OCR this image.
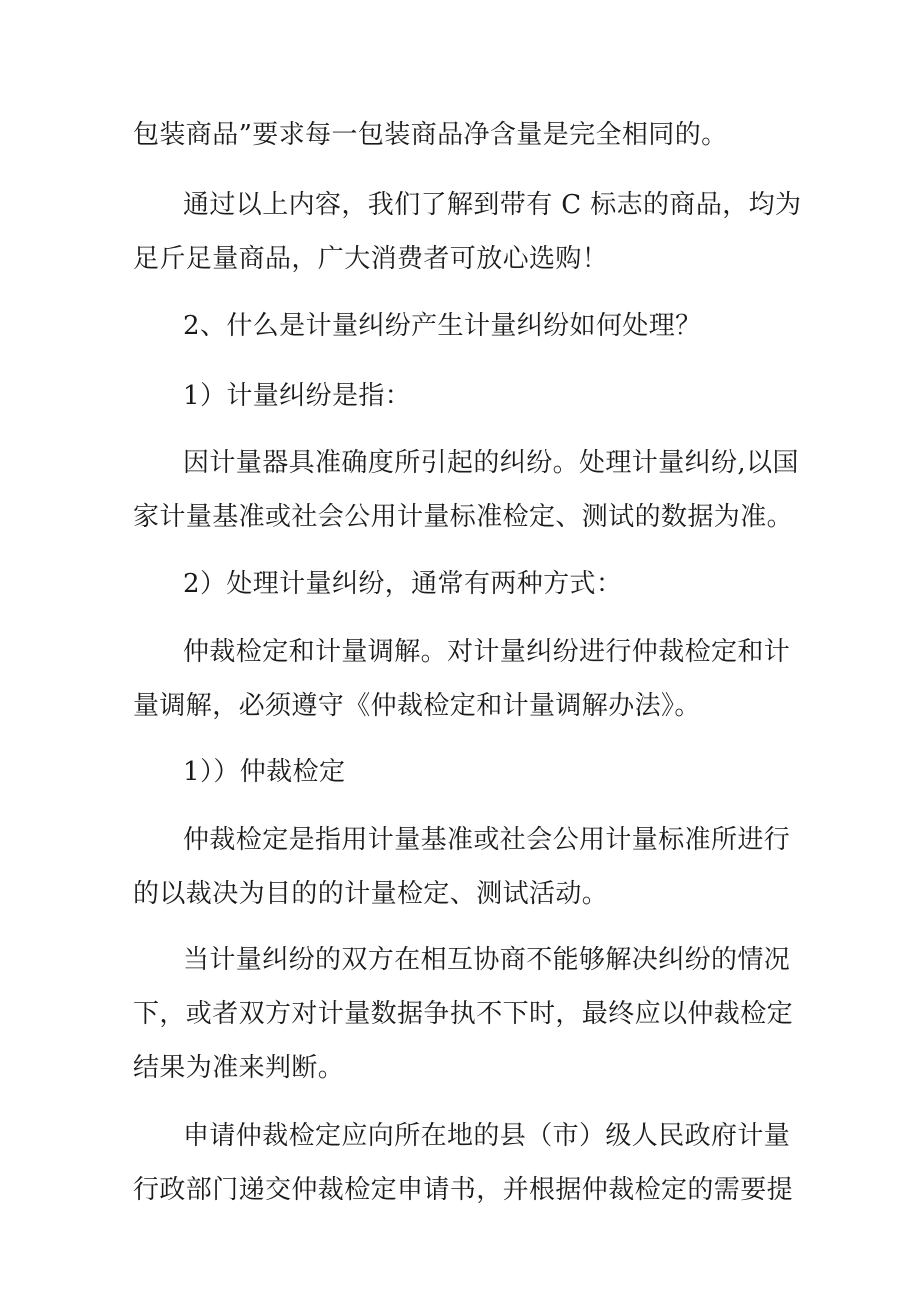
包装商品”要求每一包装商品净含量是完全相同的。

通过以上内容，我们了解到带有 C 标志的商品，均为
足斤足量商品，广大消费者可放心选购！

2、什么是计量纠纷产生计量纠纷如何处理？

1）计量纠纷是指：

因计量器具准确度所引起的纠纷。处理计量纠纷,以国
家计量基准或社会公用计量标准检定、测试的数据为准。

2）处理计量纠纷，通常有两种方式：

仲裁检定和计量调解。对计量纠纷进行仲裁检定和计
量调解，必须遵守《仲裁检定和计量调解办法》。

1））仲裁检定

仲裁检定是指用计量基准或社会公用计量标准所进行
的以裁决为目的的计量检定、测试活动。

当计量纠纷的双方在相互协商不能够解决纠纷的情况
下，或者双方对计量数据争执不下时，最终应以仲裁检定
结果为准来判断。

申请仲裁检定应向所在地的县（市）级人民政府计量
行政部门递交仲裁检定申请书，并根据仲裁检定的需要提
